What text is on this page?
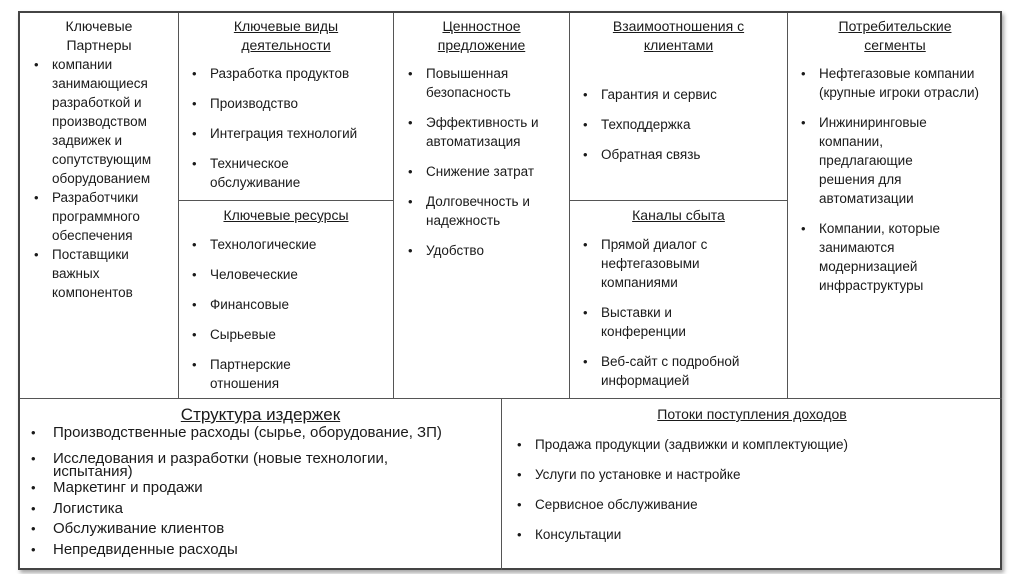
Ключевые
Партнеры
• компании занимающиеся разработкой и производством задвижек и сопутствующим оборудованием
• Разработчики программного обеспечения
• Поставщики важных компонентов
Ключевые виды
деятельности
• Разработка продуктов
• Производство
• Интеграция технологий
• Техническое обслуживание
Ключевые ресурсы
• Технологические
• Человеческие
• Финансовые
• Сырьевые
• Партнерские отношения
Ценностное
предложение
• Повышенная безопасность
• Эффективность и автоматизация
• Снижение затрат
• Долговечность и надежность
• Удобство
Взаимоотношения с
клиентами
• Гарантия и сервис
• Техподдержка
• Обратная связь
Каналы сбыта
• Прямой диалог с нефтегазовыми компаниями
• Выставки и конференции
• Веб-сайт с подробной информацией
Потребительские
сегменты
• Нефтегазовые компании (крупные игроки отрасли)
• Инжиниринговые компании, предлагающие решения для автоматизации
• Компании, которые занимаются модернизацией инфраструктуры
Структура издержек
• Производственные расходы (сырье, оборудование, ЗП)
• Исследования и разработки (новые технологии, испытания)
• Маркетинг и продажи
• Логистика
• Обслуживание клиентов
• Непредвиденные расходы
Потоки поступления доходов
• Продажа продукции (задвижки и комплектующие)
• Услуги по установке и настройке
• Сервисное обслуживание
• Консультации
